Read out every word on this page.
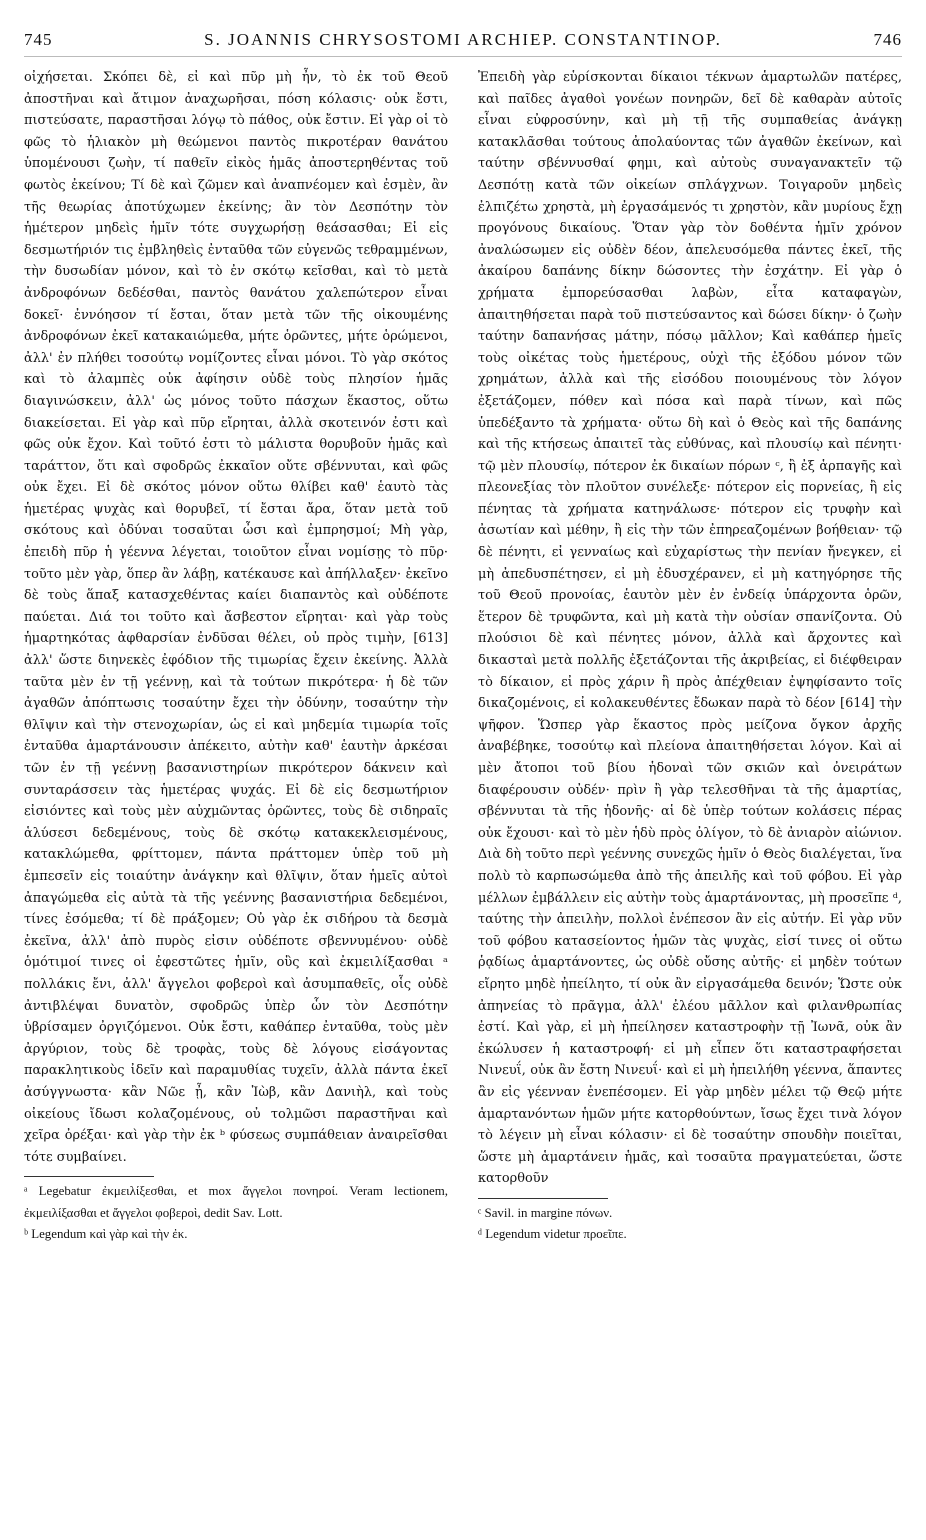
745	S. JOANNIS CHRYSOSTOMI ARCHIEP. CONSTANTINOP.	746

οἰχήσεται. Σκόπει δὲ, εἰ καὶ πῦρ μὴ ἦν, τὸ ἐκ τοῦ Θεοῦ ἀποστῆναι καὶ ἄτιμον ἀναχωρῆσαι, πόση κόλασις· οὐκ ἔστι, πιστεύσατε, παραστῆσαι λόγῳ τὸ πάθος, οὐκ ἔστιν. Εἰ γὰρ οἱ τὸ φῶς τὸ ἡλιακὸν μὴ θεώμενοι παντὸς πικροτέραν θανάτου ὑπομένουσι ζωὴν, τί παθεῖν εἰκὸς ἡμᾶς ἀποστερηθέντας τοῦ φωτὸς ἐκείνου; Τί δὲ καὶ ζῶμεν καὶ ἀναπνέομεν καὶ ἐσμὲν, ἂν τῆς θεωρίας ἀποτύχωμεν ἐκείνης; ἂν τὸν Δεσπότην τὸν ἡμέτερον μηδεὶς ἡμῖν τότε συγχωρήσῃ θεάσασθαι; Εἰ εἰς δεσμωτήριόν τις ἐμβληθεὶς ἐνταῦθα τῶν εὐγενῶς τεθραμμένων, τὴν δυσωδίαν μόνον, καὶ τὸ ἐν σκότῳ κεῖσθαι, καὶ τὸ μετὰ ἀνδροφόνων δεδέσθαι, παντὸς θανάτου χαλεπώτερον εἶναι δοκεῖ· ἐννόησον τί ἔσται, ὅταν μετὰ τῶν τῆς οἰκουμένης ἀνδροφόνων ἐκεῖ κατακαιώμεθα, μήτε ὁρῶντες, μήτε ὁρώμενοι, ἀλλ' ἐν πλήθει τοσούτῳ νομίζοντες εἶναι μόνοι. Τὸ γὰρ σκότος καὶ τὸ ἀλαμπὲς οὐκ ἀφίησιν οὐδὲ τοὺς πλησίον ἡμᾶς διαγινώσκειν, ἀλλ' ὡς μόνος τοῦτο πάσχων ἕκαστος, οὕτω διακείσεται. Εἰ γὰρ καὶ πῦρ εἴρηται, ἀλλὰ σκοτεινόν ἐστι καὶ φῶς οὐκ ἔχον. Καὶ τοῦτό ἐστι τὸ μάλιστα θορυβοῦν ἡμᾶς καὶ ταράττον, ὅτι καὶ σφοδρῶς ἐκκαῖον οὔτε σβέννυται, καὶ φῶς οὐκ ἔχει. Εἰ δὲ σκότος μόνον οὕτω θλίβει καθ' ἑαυτὸ τὰς ἡμετέρας ψυχὰς καὶ θορυβεῖ, τί ἔσται ἄρα, ὅταν μετὰ τοῦ σκότους καὶ ὀδύναι τοσαῦται ὦσι καὶ ἐμπρησμοί; Μὴ γὰρ, ἐπειδὴ πῦρ ἡ γέεννα λέγεται, τοιοῦτον εἶναι νομίσῃς τὸ πῦρ· τοῦτο μὲν γὰρ, ὅπερ ἂν λάβῃ, κατέκαυσε καὶ ἀπήλλαξεν· ἐκεῖνο δὲ τοὺς ἅπαξ κατασχεθέντας καίει διαπαντὸς καὶ οὐδέποτε παύεται. Διά τοι τοῦτο καὶ ἄσβεστον εἴρηται· καὶ γὰρ τοὺς ἡμαρτηκότας ἀφθαρσίαν ἐνδῦσαι θέλει, οὐ πρὸς τιμὴν, [613] ἀλλ' ὥστε διηνεκὲς ἐφόδιον τῆς τιμωρίας ἔχειν ἐκείνης. Ἀλλὰ ταῦτα μὲν ἐν τῇ γεέννῃ, καὶ τὰ τούτων πικρότερα· ἡ δὲ τῶν ἀγαθῶν ἀπόπτωσις τοσαύτην ἔχει τὴν ὀδύνην, τοσαύτην τὴν θλῖψιν καὶ τὴν στενοχωρίαν, ὡς εἰ καὶ μηδεμία τιμωρία τοῖς ἐνταῦθα ἁμαρτάνουσιν ἀπέκειτο, αὐτὴν καθ' ἑαυτὴν ἀρκέσαι τῶν ἐν τῇ γεέννῃ βασανιστηρίων πικρότερον δάκνειν καὶ συνταράσσειν τὰς ἡμετέρας ψυχάς. Εἰ δὲ εἰς δεσμωτήριον εἰσιόντες καὶ τοὺς μὲν αὐχμῶντας ὁρῶντες, τοὺς δὲ σιδηραῖς ἁλύσεσι δεδεμένους, τοὺς δὲ σκότῳ κατακεκλεισμένους, κατακλώμεθα, φρίττομεν, πάντα πράττομεν ὑπὲρ τοῦ μὴ ἐμπεσεῖν εἰς τοιαύτην ἀνάγκην καὶ θλῖψιν, ὅταν ἡμεῖς αὐτοὶ ἀπαγώμεθα εἰς αὐτὰ τὰ τῆς γεέννης βασανιστήρια δεδεμένοι, τίνες ἐσόμεθα; τί δὲ πράξομεν; Οὐ γὰρ ἐκ σιδήρου τὰ δεσμὰ ἐκεῖνα, ἀλλ' ἀπὸ πυρὸς εἰσιν οὐδέποτε σβεννυμένου· οὐδὲ ὁμότιμοί τινες οἱ ἐφεστῶτες ἡμῖν, οὓς καὶ ἐκμειλίξασθαι ᵃ πολλάκις ἔνι, ἀλλ' ἄγγελοι φοβεροὶ καὶ ἀσυμπαθεῖς, οἷς οὐδὲ ἀντιβλέψαι δυνατὸν, σφοδρῶς ὑπὲρ ὧν τὸν Δεσπότην ὑβρίσαμεν ὀργιζόμενοι. Οὐκ ἔστι, καθάπερ ἐνταῦθα, τοὺς μὲν ἀργύριον, τοὺς δὲ τροφὰς, τοὺς δὲ λόγους εἰσάγοντας παρακλητικοὺς ἰδεῖν καὶ παραμυθίας τυχεῖν, ἀλλὰ πάντα ἐκεῖ ἀσύγγνωστα· κἂν Νῶε ᾖ, κἂν Ἰὼβ, κἂν Δανιὴλ, καὶ τοὺς οἰκείους ἴδωσι κολαζομένους, οὐ τολμῶσι παραστῆναι καὶ χεῖρα ὀρέξαι· καὶ γὰρ τὴν ἐκ ᵇ φύσεως συμπάθειαν ἀναιρεῖσθαι τότε συμβαίνει.

ᵃ Legebatur ἐκμειλίξεσθαι, et mox ἄγγελοι πονηροί. Veram lectionem, ἐκμειλίξασθαι et ἄγγελοι φοβεροὶ, dedit Sav. Lott.

ᵇ Legendum καὶ γὰρ καὶ τὴν ἐκ.

Ἐπειδὴ γὰρ εὑρίσκονται δίκαιοι τέκνων ἁμαρτωλῶν πατέρες, καὶ παῖδες ἀγαθοὶ γονέων πονηρῶν, δεῖ δὲ καθαρὰν αὐτοῖς εἶναι εὐφροσύνην, καὶ μὴ τῇ τῆς συμπαθείας ἀνάγκῃ κατακλᾶσθαι τούτους ἀπολαύοντας τῶν ἀγαθῶν ἐκείνων, καὶ ταύτην σβέννυσθαί φημι, καὶ αὐτοὺς συναγανακτεῖν τῷ Δεσπότῃ κατὰ τῶν οἰκείων σπλάγχνων. Τοιγαροῦν μηδεὶς ἐλπιζέτω χρηστὰ, μὴ ἐργασάμενός τι χρηστὸν, κἂν μυρίους ἔχῃ προγόνους δικαίους. Ὅταν γὰρ τὸν δοθέντα ἡμῖν χρόνον ἀναλώσωμεν εἰς οὐδὲν δέον, ἀπελευσόμεθα πάντες ἐκεῖ, τῆς ἀκαίρου δαπάνης δίκην δώσοντες τὴν ἐσχάτην. Εἰ γὰρ ὁ χρήματα ἐμπορεύσασθαι λαβὼν, εἶτα καταφαγὼν, ἀπαιτηθήσεται παρὰ τοῦ πιστεύσαντος καὶ δώσει δίκην· ὁ ζωὴν ταύτην δαπανήσας μάτην, πόσῳ μᾶλλον; Καὶ καθάπερ ἡμεῖς τοὺς οἰκέτας τοὺς ἡμετέρους, οὐχὶ τῆς ἐξόδου μόνον τῶν χρημάτων, ἀλλὰ καὶ τῆς εἰσόδου ποιουμένους τὸν λόγον ἐξετάζομεν, πόθεν καὶ πόσα καὶ παρὰ τίνων, καὶ πῶς ὑπεδέξαντο τὰ χρήματα· οὕτω δὴ καὶ ὁ Θεὸς καὶ τῆς δαπάνης καὶ τῆς κτήσεως ἀπαιτεῖ τὰς εὐθύνας, καὶ πλουσίῳ καὶ πένητι· τῷ μὲν πλουσίῳ, πότερον ἐκ δικαίων πόρων ᶜ, ἢ ἐξ ἁρπαγῆς καὶ πλεονεξίας τὸν πλοῦτον συνέλεξε· πότερον εἰς πορνείας, ἢ εἰς πένητας τὰ χρήματα κατηνάλωσε· πότερον εἰς τρυφὴν καὶ ἀσωτίαν καὶ μέθην, ἢ εἰς τὴν τῶν ἐπηρεαζομένων βοήθειαν· τῷ δὲ πένητι, εἰ γενναίως καὶ εὐχαρίστως τὴν πενίαν ἤνεγκεν, εἰ μὴ ἀπεδυσπέτησεν, εἰ μὴ ἐδυσχέρανεν, εἰ μὴ κατηγόρησε τῆς τοῦ Θεοῦ προνοίας, ἑαυτὸν μὲν ἐν ἐνδείᾳ ὑπάρχοντα ὁρῶν, ἕτερον δὲ τρυφῶντα, καὶ μὴ κατὰ τὴν οὐσίαν σπανίζοντα. Οὐ πλούσιοι δὲ καὶ πένητες μόνον, ἀλλὰ καὶ ἄρχοντες καὶ δικασταὶ μετὰ πολλῆς ἐξετάζονται τῆς ἀκριβείας, εἰ διέφθειραν τὸ δίκαιον, εἰ πρὸς χάριν ἢ πρὸς ἀπέχθειαν ἐψηφίσαντο τοῖς δικαζομένοις, εἰ κολακευθέντες ἔδωκαν παρὰ τὸ δέον [614] τὴν ψῆφον. Ὥσπερ γὰρ ἕκαστος πρὸς μείζονα ὄγκον ἀρχῆς ἀναβέβηκε, τοσούτῳ καὶ πλείονα ἀπαιτηθήσεται λόγον. Καὶ αἱ μὲν ἄτοποι τοῦ βίου ἡδοναὶ τῶν σκιῶν καὶ ὀνειράτων διαφέρουσιν οὐδέν· πρὶν ἢ γὰρ τελεσθῆναι τὰ τῆς ἁμαρτίας, σβέννυται τὰ τῆς ἡδονῆς· αἱ δὲ ὑπὲρ τούτων κολάσεις πέρας οὐκ ἔχουσι· καὶ τὸ μὲν ἡδὺ πρὸς ὀλίγον, τὸ δὲ ἀνιαρὸν αἰώνιον. Διὰ δὴ τοῦτο περὶ γεέννης συνεχῶς ἡμῖν ὁ Θεὸς διαλέγεται, ἵνα πολὺ τὸ καρπωσώμεθα ἀπὸ τῆς ἀπειλῆς καὶ τοῦ φόβου. Εἰ γὰρ μέλλων ἐμβάλλειν εἰς αὐτὴν τοὺς ἁμαρτάνοντας, μὴ προσεῖπε ᵈ, ταύτης τὴν ἀπειλὴν, πολλοὶ ἐνέπεσον ἂν εἰς αὐτήν. Εἰ γὰρ νῦν τοῦ φόβου κατασείοντος ἡμῶν τὰς ψυχὰς, εἰσί τινες οἱ οὕτω ῥᾳδίως ἁμαρτάνοντες, ὡς οὐδὲ οὔσης αὐτῆς· εἰ μηδὲν τούτων εἴρητο μηδὲ ἠπείλητο, τί οὐκ ἂν εἰργασάμεθα δεινόν; Ὥστε οὐκ ἀπηνείας τὸ πρᾶγμα, ἀλλ' ἐλέου μᾶλλον καὶ φιλανθρωπίας ἐστί. Καὶ γὰρ, εἰ μὴ ἠπείλησεν καταστροφὴν τῇ Ἰωνᾶ, οὐκ ἂν ἐκώλυσεν ἡ καταστροφή· εἰ μὴ εἶπεν ὅτι καταστραφήσεται Νινευΐ, οὐκ ἂν ἔστη Νινευΐ· καὶ εἰ μὴ ἠπειλήθη γέεννα, ἅπαντες ἂν εἰς γέενναν ἐνεπέσομεν. Εἰ γὰρ μηδὲν μέλει τῷ Θεῷ μήτε ἁμαρτανόντων ἡμῶν μήτε κατορθούντων, ἴσως ἔχει τινὰ λόγον τὸ λέγειν μὴ εἶναι κόλασιν· εἰ δὲ τοσαύτην σπουδὴν ποιεῖται, ὥστε μὴ ἁμαρτάνειν ἡμᾶς, καὶ τοσαῦτα πραγματεύεται, ὥστε κατορθοῦν

ᶜ Savil. in margine πόνων.

ᵈ Legendum videtur προεῖπε.
